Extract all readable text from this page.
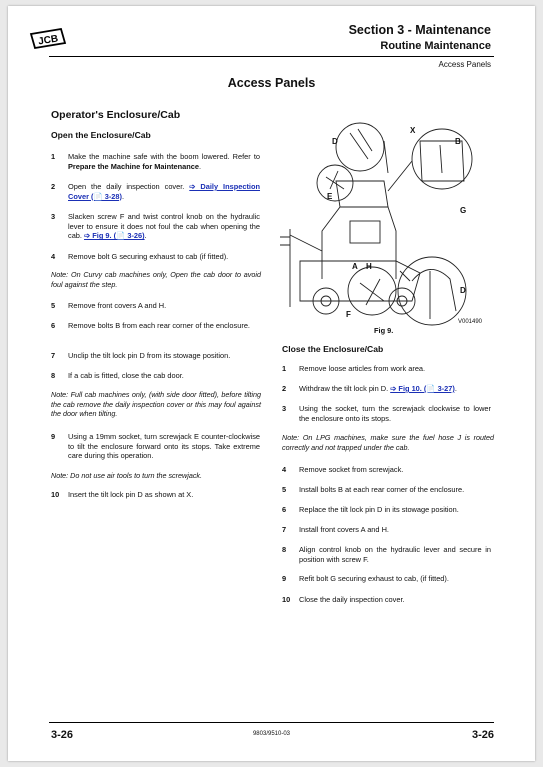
JCB
Section 3 - Maintenance
Routine Maintenance
Access Panels
Access Panels
Operator's Enclosure/Cab
Open the Enclosure/Cab
1 Make the machine safe with the boom lowered. Refer to Prepare the Machine for Maintenance.
2 Open the daily inspection cover. ➩ Daily Inspection Cover (📄 3-28).
3 Slacken screw F and twist control knob on the hydraulic lever to ensure it does not foul the cab when opening the cab. ➩ Fig 9. (📄 3-26).
4 Remove bolt G securing exhaust to cab (if fitted).
Note: On Curvy cab machines only, Open the cab door to avoid foul against the step.
5 Remove front covers A and H.
6 Remove bolts B from each rear corner of the enclosure.
7 Unclip the tilt lock pin D from its stowage position.
8 If a cab is fitted, close the cab door.
Note: Full cab machines only, (with side door fitted), before tilting the cab remove the daily inspection cover or this may foul against the door when tilting.
9 Using a 19mm socket, turn screwjack E counter-clockwise to tilt the enclosure forward onto its stops. Take extreme care during this operation.
Note: Do not use air tools to turn the screwjack.
10 Insert the tilt lock pin D as shown at X.
D
X
B
E
G
A H
D
F
V001490
Fig 9.
Close the Enclosure/Cab
1 Remove loose articles from work area.
2 Withdraw the tilt lock pin D. ➩ Fig 10. (📄 3-27).
3 Using the socket, turn the screwjack clockwise to lower the enclosure onto its stops.
Note: On LPG machines, make sure the fuel hose J is routed correctly and not trapped under the cab.
4 Remove socket from screwjack.
5 Install bolts B at each rear corner of the enclosure.
6 Replace the tilt lock pin D in its stowage position.
7 Install front covers A and H.
8 Align control knob on the hydraulic lever and secure in position with screw F.
9 Refit bolt G securing exhaust to cab, (if fitted).
10 Close the daily inspection cover.
3-26	9803/9510-03	3-26
